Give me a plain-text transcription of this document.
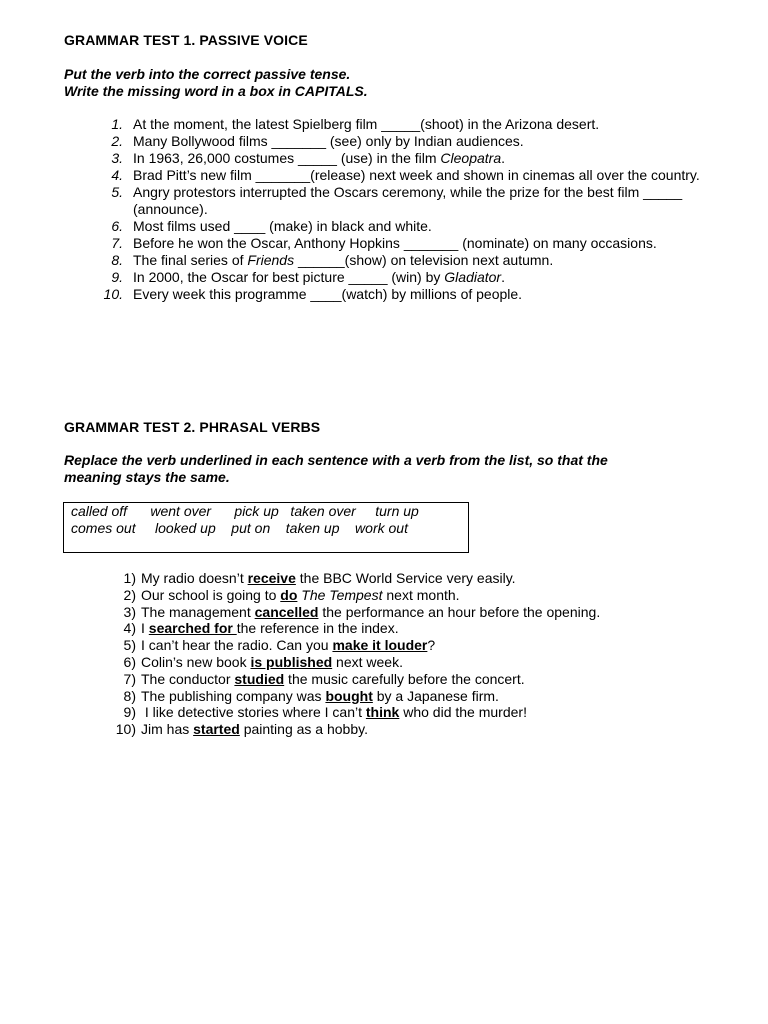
GRAMMAR TEST 1. PASSIVE VOICE
Put the verb into the correct passive tense.
Write the missing word in a box in CAPITALS.
1. At the moment, the latest Spielberg film _____(shoot) in the Arizona desert.
2. Many Bollywood films _______ (see) only by Indian audiences.
3. In 1963, 26,000 costumes _____ (use) in the film Cleopatra.
4. Brad Pitt’s new film _______(release) next week and shown in cinemas all over the country.
5. Angry protestors interrupted the Oscars ceremony, while the prize for the best film _____ (announce).
6. Most films used ____ (make) in black and white.
7. Before he won the Oscar, Anthony Hopkins _______ (nominate) on many occasions.
8. The final series of Friends ______(show) on television next autumn.
9. In 2000, the Oscar for best picture _____ (win) by Gladiator.
10. Every week this programme ____(watch) by millions of people.
GRAMMAR TEST 2. PHRASAL VERBS
Replace the verb underlined in each sentence with a verb from the list, so that the
meaning stays the same.
called off      went over      pick up   taken over     turn up
comes out     looked up    put on    taken up    work out
1) My radio doesn’t receive the BBC World Service very easily.
2) Our school is going to do The Tempest next month.
3) The management cancelled the performance an hour before the opening.
4) I searched for the reference in the index.
5) I can’t hear the radio. Can you make it louder?
6) Colin’s new book is published next week.
7) The conductor studied the music carefully before the concert.
8) The publishing company was bought by a Japanese firm.
9) I like detective stories where I can’t think who did the murder!
10) Jim has started painting as a hobby.
